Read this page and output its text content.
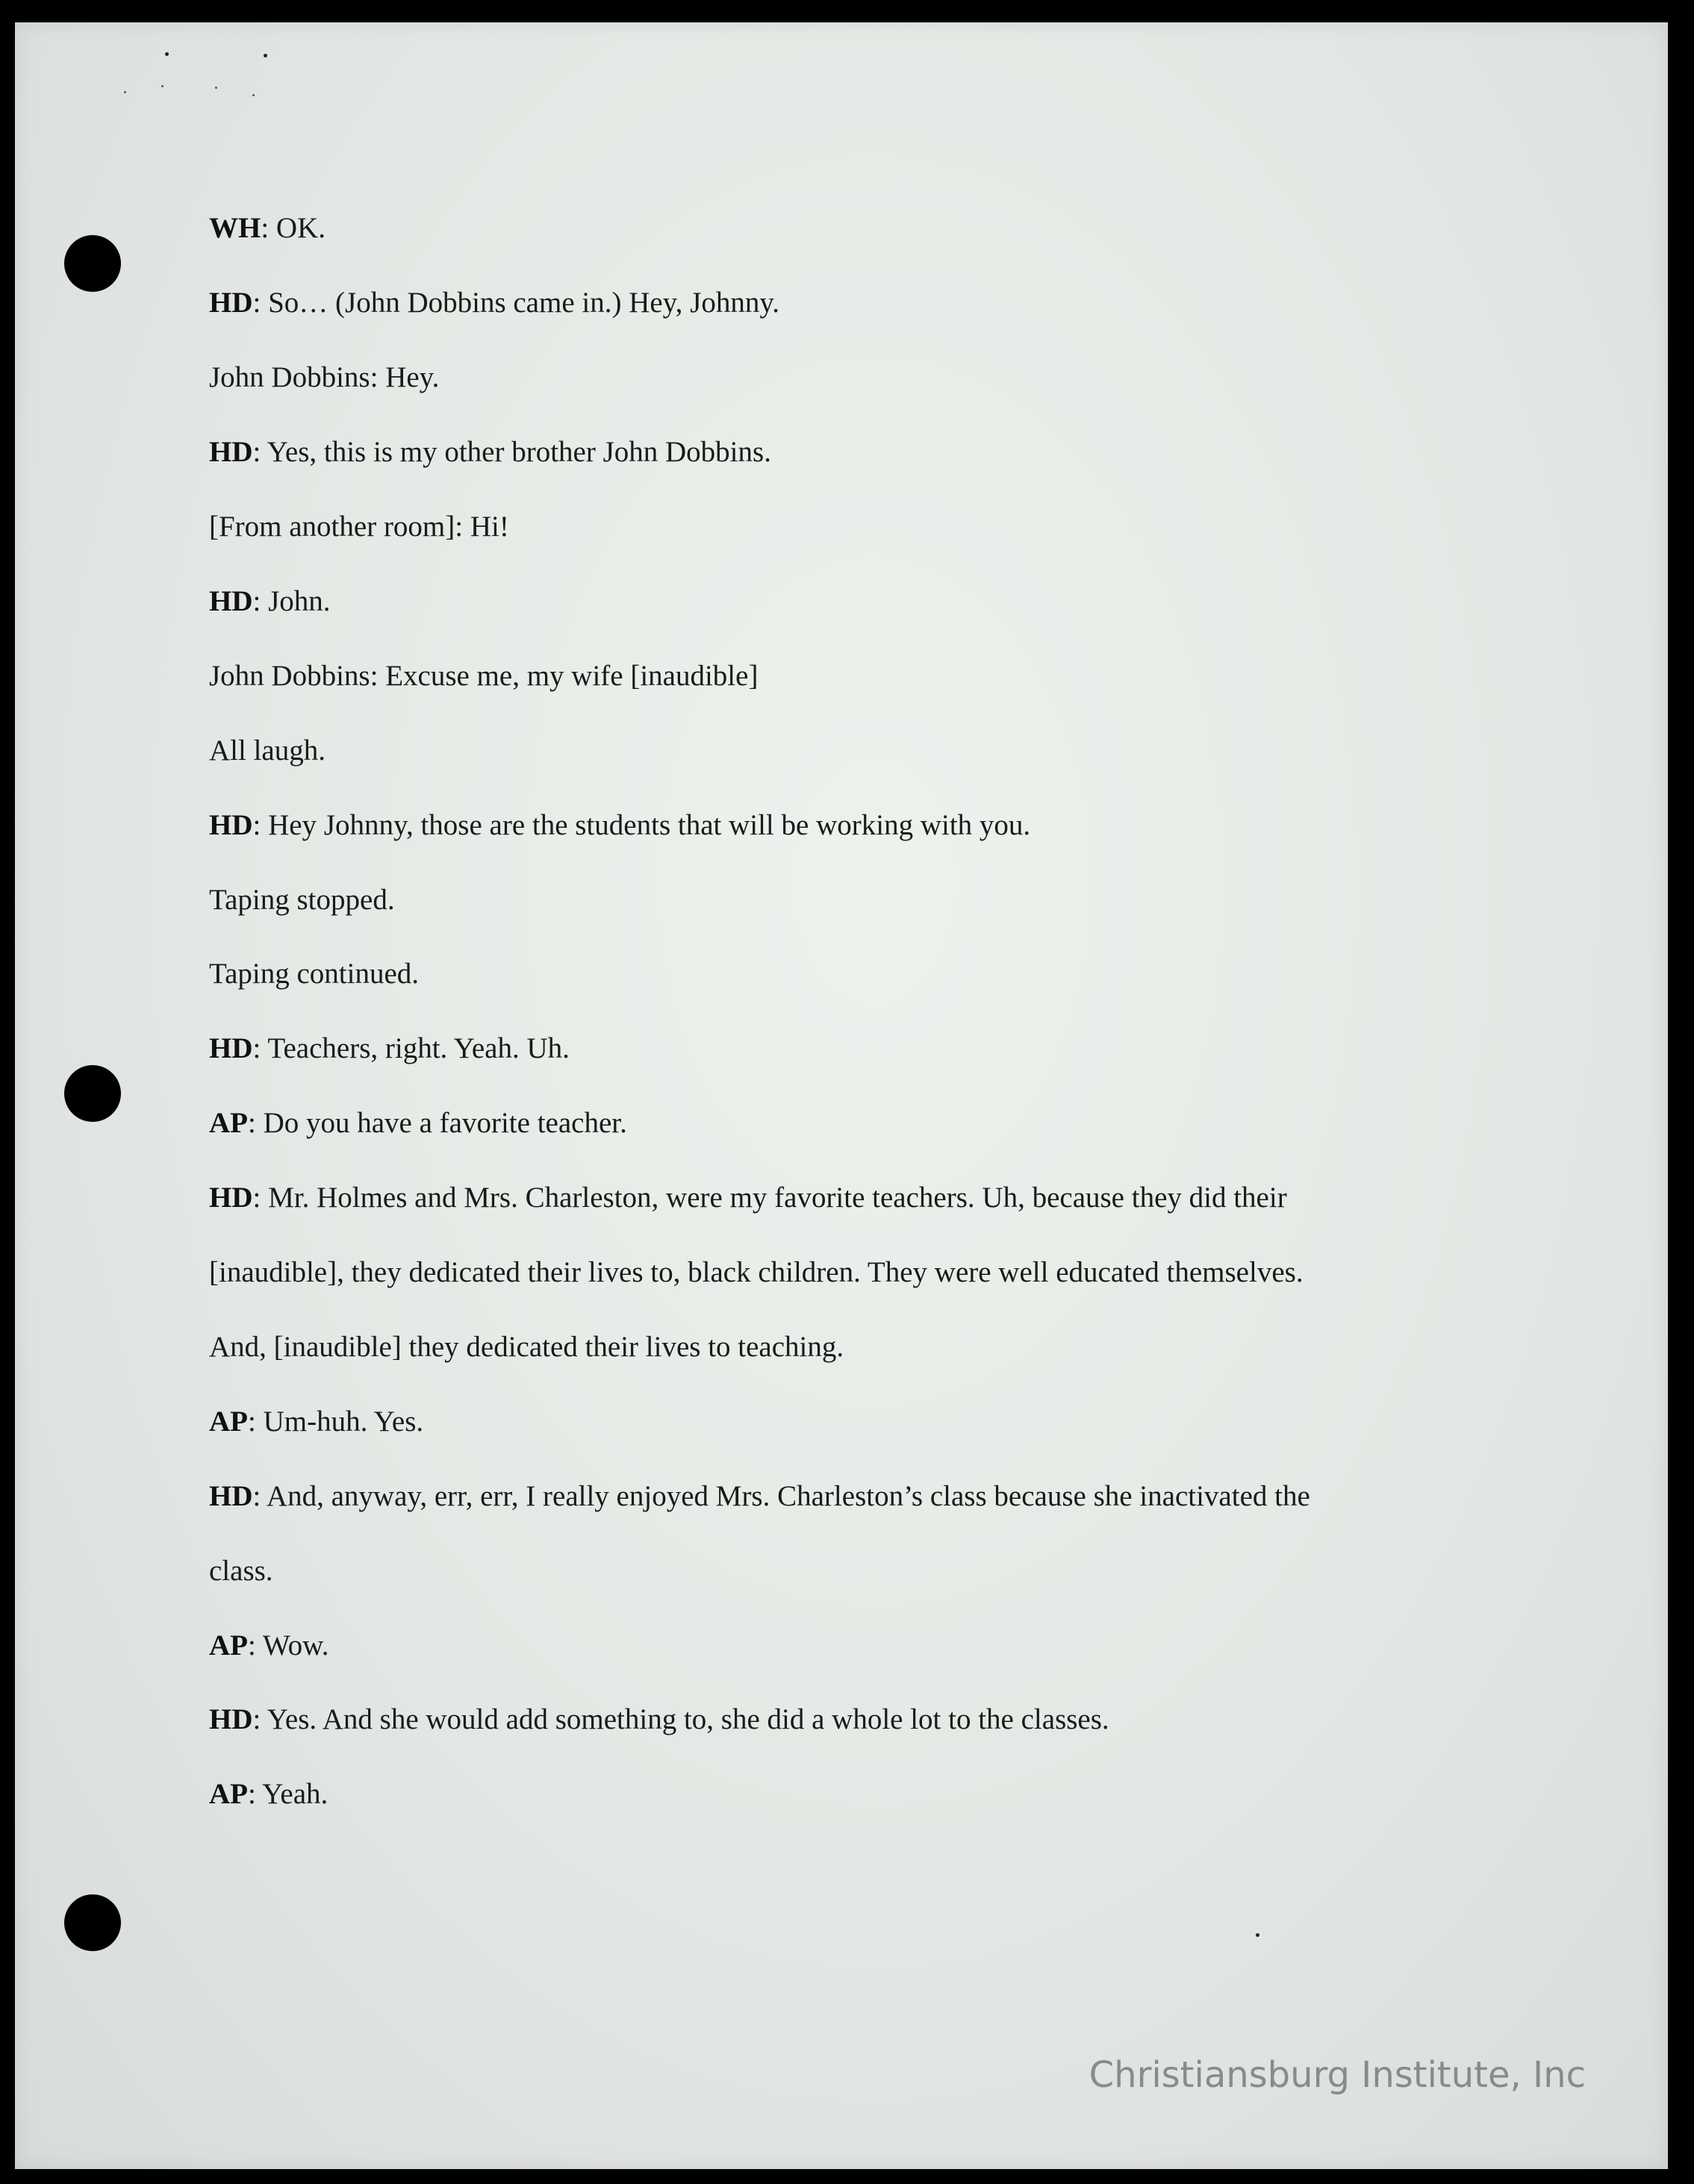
WH: OK.
HD: So… (John Dobbins came in.) Hey, Johnny.
John Dobbins: Hey.
HD: Yes, this is my other brother John Dobbins.
[From another room]: Hi!
HD: John.
John Dobbins: Excuse me, my wife [inaudible]
All laugh.
HD: Hey Johnny, those are the students that will be working with you.
Taping stopped.
Taping continued.
HD: Teachers, right. Yeah. Uh.
AP: Do you have a favorite teacher.
HD: Mr. Holmes and Mrs. Charleston, were my favorite teachers. Uh, because they did their
[inaudible], they dedicated their lives to, black children. They were well educated themselves.
And, [inaudible] they dedicated their lives to teaching.
AP: Um-huh. Yes.
HD: And, anyway, err, err, I really enjoyed Mrs. Charleston’s class because she inactivated the
class.
AP: Wow.
HD: Yes. And she would add something to, she did a whole lot to the classes.
AP: Yeah.
Christiansburg Institute, Inc
